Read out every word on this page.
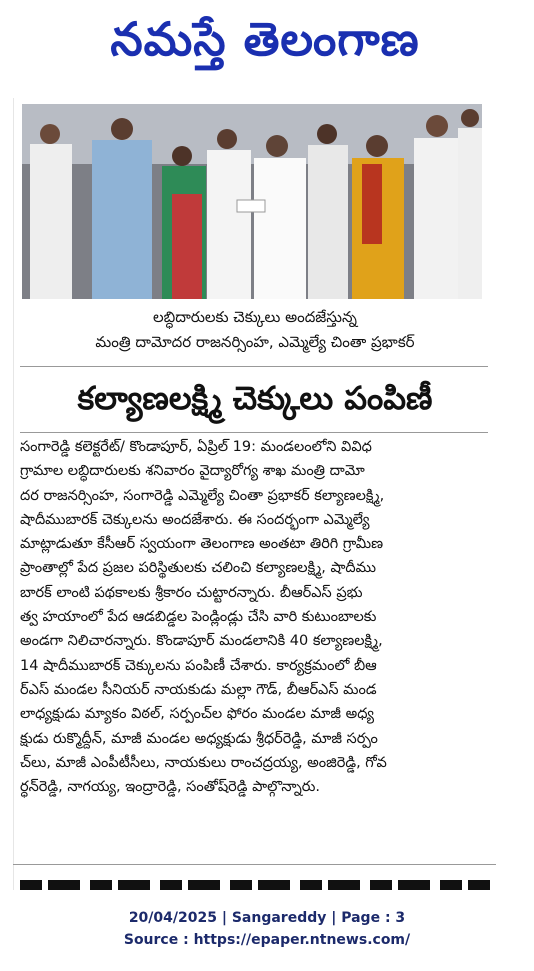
నమస్తే తెలంగాణ
లబ్ధిదారులకు చెక్కులు అందజేస్తున్న
మంత్రి దామోదర రాజనర్సింహ, ఎమ్మెల్యే చింతా ప్రభాకర్
కల్యాణలక్ష్మి చెక్కులు పంపిణీ

సంగారెడ్డి కలెక్టరేట్/ కొండాపూర్, ఏప్రిల్ 19: మండలంలోని వివిధ

గ్రామాల లబ్ధిదారులకు శనివారం వైద్యారోగ్య శాఖ మంత్రి దామో

దర రాజనర్సింహ, సంగారెడ్డి ఎమ్మెల్యే చింతా ప్రభాకర్ కల్యాణలక్ష్మి,

షాదీముబారక్ చెక్కులను అందజేశారు. ఈ సందర్భంగా ఎమ్మెల్యే

మాట్లాడుతూ కేసీఆర్ స్వయంగా తెలంగాణ అంతటా తిరిగి గ్రామీణ

ప్రాంతాల్లో పేద ప్రజల పరిస్థితులకు చలించి కల్యాణలక్ష్మి, షాదీము

బారక్ లాంటి పథకాలకు శ్రీకారం చుట్టారన్నారు. బీఆర్ఎస్ ప్రభు

త్వ హయాంలో పేద ఆడబిడ్డల పెండ్లిండ్లు చేసి వారి కుటుంబాలకు

అండగా నిలిచారన్నారు. కొండాపూర్ మండలానికి 40 కల్యాణలక్ష్మి,

14 షాదీముబారక్ చెక్కులను పంపిణీ చేశారు. కార్యక్రమంలో బీఆ

ర్ఎస్ మండల సీనియర్ నాయకుడు మల్లా గౌడ్, బీఆర్ఎస్ మండ

లాధ్యక్షుడు మ్యాకం విఠల్, సర్పంచ్‌ల ఫోరం మండల మాజీ అధ్య

క్షుడు రుక్మొద్దీన్, మాజీ మండల అధ్యక్షుడు శ్రీధర్‌రెడ్డి, మాజీ సర్పం

చ్‌లు, మాజీ ఎంపీటీసీలు, నాయకులు రాంచద్రయ్య, అంజిరెడ్డి, గోవ

ర్ధన్‌రెడ్డి, నాగయ్య, ఇంద్రారెడ్డి, సంతోష్‌రెడ్డి పాల్గొన్నారు.

20/04/2025 | Sangareddy | Page : 3
Source : https://epaper.ntnews.com/
